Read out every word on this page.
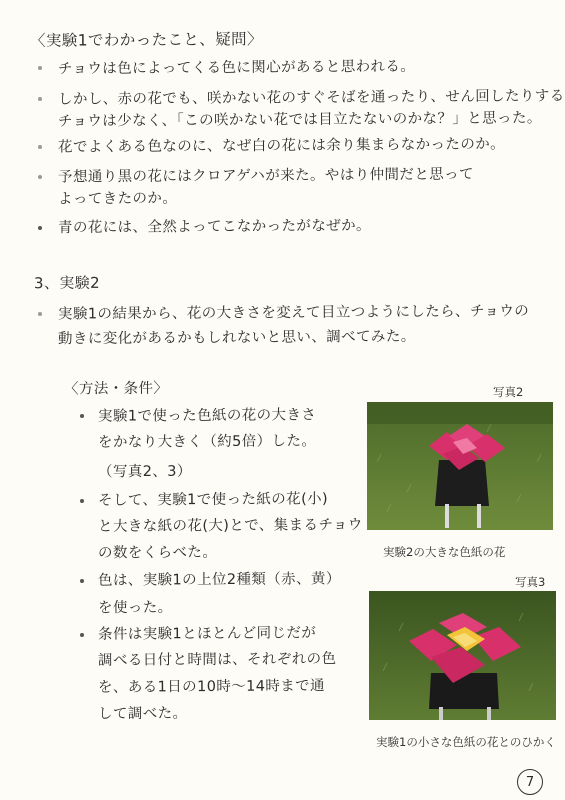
〈実験1でわかったこと、疑問〉
チョウは色によってくる色に関心があると思われる。
しかし、赤の花でも、咲かない花のすぐそばを通ったり、せん回したりする
チョウは少なく、「この咲かない花では目立たないのかな？」と思った。
花でよくある色なのに、なぜ白の花には余り集まらなかったのか。
予想通り黒の花にはクロアゲハが来た。やはり仲間だと思って
よってきたのか。
青の花には、全然よってこなかったがなぜか。
3、実験2
実験1の結果から、花の大きさを変えて目立つようにしたら、チョウの
動きに変化があるかもしれないと思い、調べてみた。
〈方法・条件〉
実験1で使った色紙の花の大きさ
をかなり大きく（約5倍）した。
（写真2、3）
そして、実験1で使った紙の花(小)
と大きな紙の花(大)とで、集まるチョウ
の数をくらべた。
色は、実験1の上位2種類（赤、黄）
を使った。
条件は実験1とほとんど同じだが
調べる日付と時間は、それぞれの色
を、ある1日の10時〜14時まで通
して調べた。
写真2
実験2の大きな色紙の花
写真3
実験1の小さな色紙の花とのひかく
7
